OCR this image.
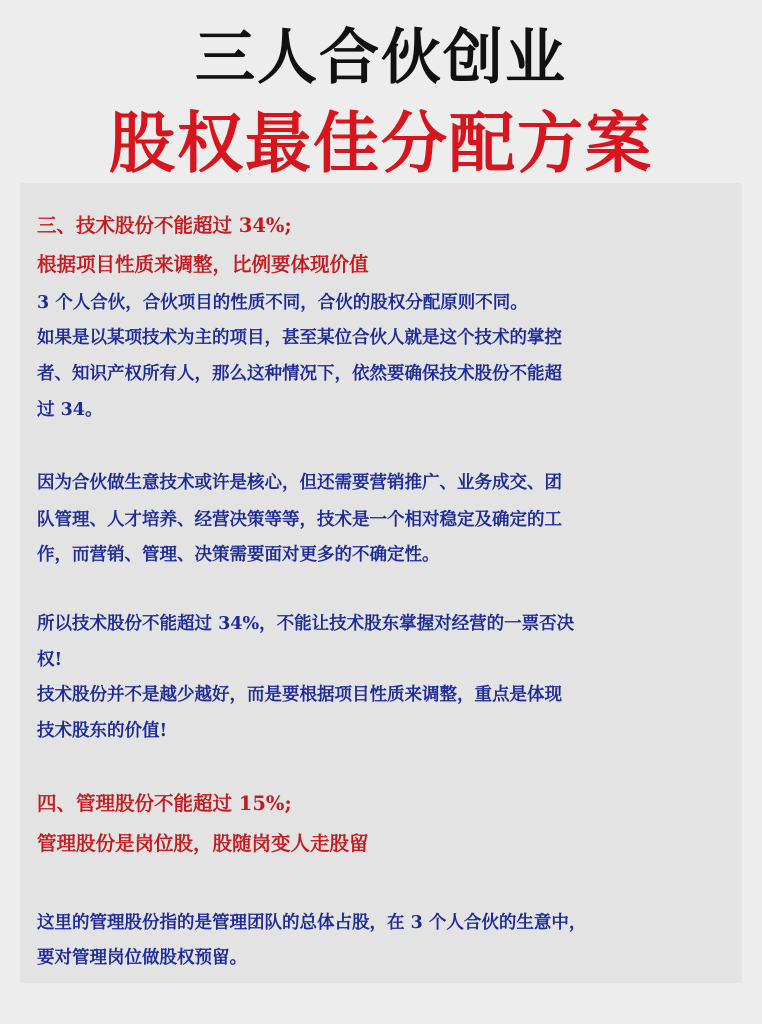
三人合伙创业
股权最佳分配方案
三、技术股份不能超过 34%;
根据项目性质来调整，比例要体现价值
3 个人合伙，合伙项目的性质不同，合伙的股权分配原则不同。
如果是以某项技术为主的项目，甚至某位合伙人就是这个技术的掌控
者、知识产权所有人，那么这种情况下，依然要确保技术股份不能超
过 34。
因为合伙做生意技术或许是核心，但还需要营销推广、业务成交、团
队管理、人才培养、经营决策等等，技术是一个相对稳定及确定的工
作，而营销、管理、决策需要面对更多的不确定性。
所以技术股份不能超过 34%，不能让技术股东掌握对经营的一票否决
权!
技术股份并不是越少越好，而是要根据项目性质来调整，重点是体现
技术股东的价值!
四、管理股份不能超过 15%;
管理股份是岗位股，股随岗变人走股留
这里的管理股份指的是管理团队的总体占股，在 3 个人合伙的生意中，
要对管理岗位做股权预留。
